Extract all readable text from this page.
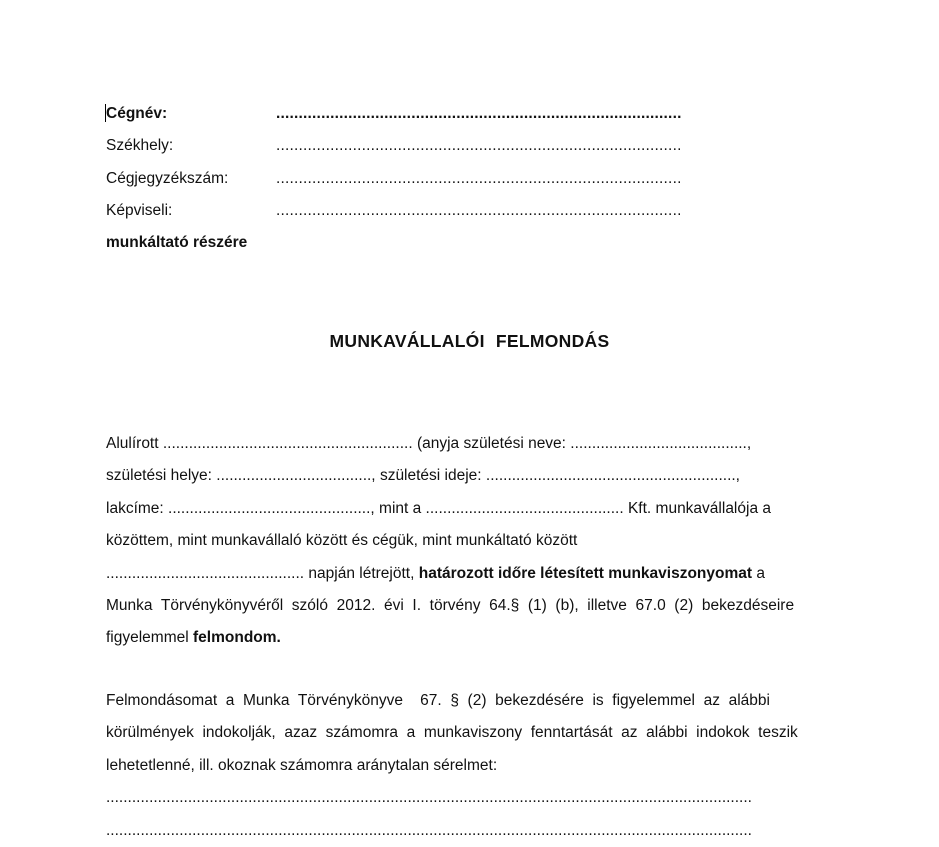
Cégnév:	..........................................................................................
Székhely:	..........................................................................................
Cégjegyzékszám:	..........................................................................................
Képviseli:	..........................................................................................
munkáltató részére
MUNKAVÁLLALÓI FELMONDÁS
Alulírott .......................................................... (anyja születési neve: .........................................,
születési helye: ...................................., születési ideje: ..........................................................,
lakcíme: ..............................................., mint a .............................................. Kft. munkavállalója a
közöttem, mint munkavállaló között és cégük, mint munkáltató között
.............................................. napján létrejött, határozott időre létesített munkaviszonyomat a
Munka  Törvénykönyvéről  szóló  2012.  évi  I.  törvény  64.§  (1)  (b),  illetve  67.0  (2)  bekezdéseire
figyelemmel felmondom.
Felmondásomat  a  Munka  Törvénykönyve    67.  §  (2)  bekezdésére  is  figyelemmel  az  alábbi
körülmények  indokolják,  azaz  számomra  a  munkaviszony  fenntartását  az  alábbi  indokok  teszik
lehetetlenné, ill. okoznak számomra aránytalan sérelmet:
......................................................................................................................................................
......................................................................................................................................................
